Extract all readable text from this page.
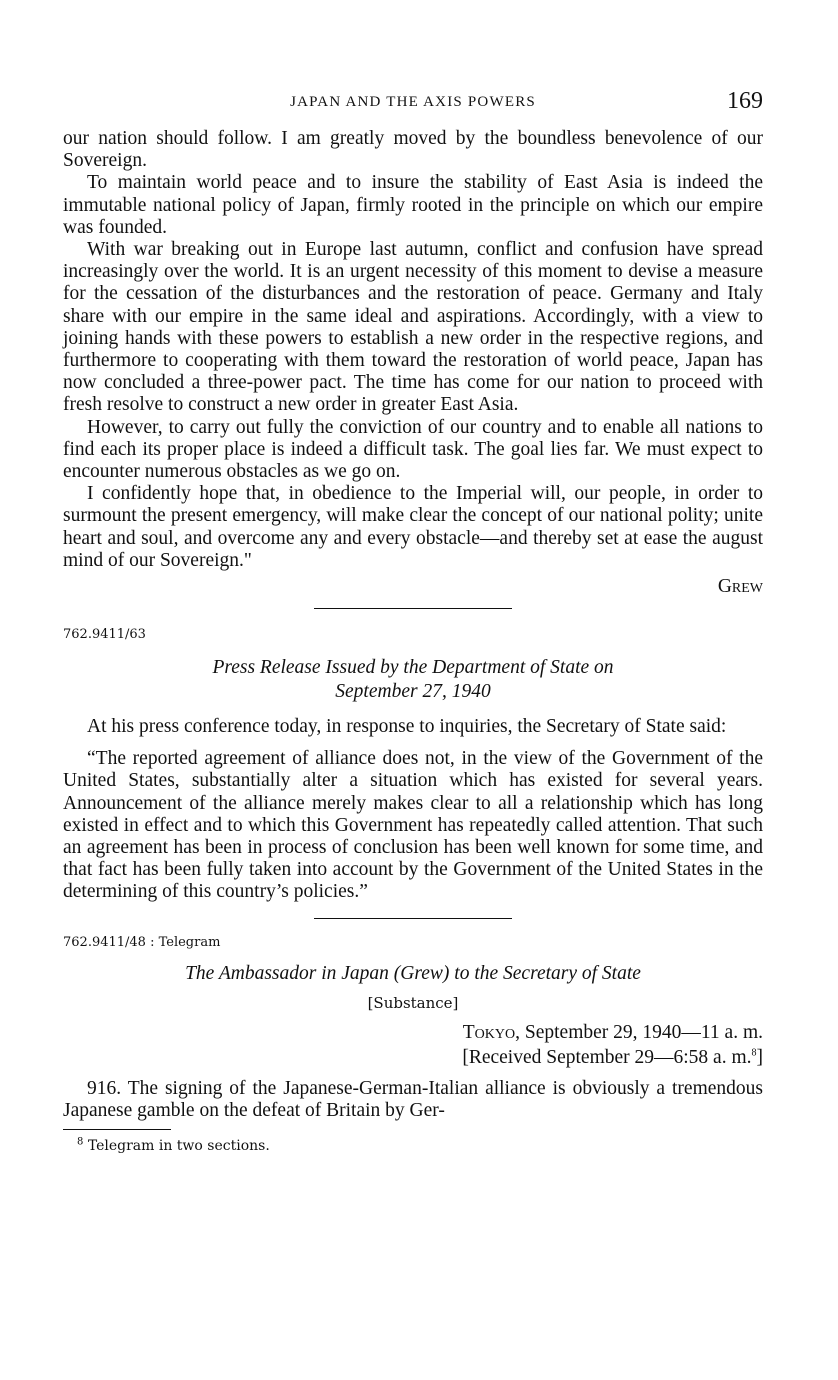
JAPAN AND THE AXIS POWERS	169

our nation should follow. I am greatly moved by the boundless benevolence of our Sovereign.

To maintain world peace and to insure the stability of East Asia is indeed the immutable national policy of Japan, firmly rooted in the principle on which our empire was founded.

With war breaking out in Europe last autumn, conflict and confusion have spread increasingly over the world. It is an urgent necessity of this moment to devise a measure for the cessation of the disturbances and the restoration of peace. Germany and Italy share with our empire in the same ideal and aspirations. Accordingly, with a view to joining hands with these powers to establish a new order in the respective regions, and furthermore to cooperating with them toward the restoration of world peace, Japan has now concluded a three-power pact. The time has come for our nation to proceed with fresh resolve to construct a new order in greater East Asia.

However, to carry out fully the conviction of our country and to enable all nations to find each its proper place is indeed a difficult task. The goal lies far. We must expect to encounter numerous obstacles as we go on.

I confidently hope that, in obedience to the Imperial will, our people, in order to surmount the present emergency, will make clear the concept of our national polity; unite heart and soul, and overcome any and every obstacle—and thereby set at ease the august mind of our Sovereign."

Grew
762.9411/63
Press Release Issued by the Department of State on
September 27, 1940

At his press conference today, in response to inquiries, the Secretary of State said:

“The reported agreement of alliance does not, in the view of the Government of the United States, substantially alter a situation which has existed for several years. Announcement of the alliance merely makes clear to all a relationship which has long existed in effect and to which this Government has repeatedly called attention. That such an agreement has been in process of conclusion has been well known for some time, and that fact has been fully taken into account by the Government of the United States in the determining of this country’s policies.”

762.9411/48 : Telegram
The Ambassador in Japan (Grew) to the Secretary of State
[Substance]
Tokyo, September 29, 1940—11 a. m.
[Received September 29—6:58 a. m.$^8$]

916. The signing of the Japanese-German-Italian alliance is obviously a tremendous Japanese gamble on the defeat of Britain by Ger-

$^8$ Telegram in two sections.
